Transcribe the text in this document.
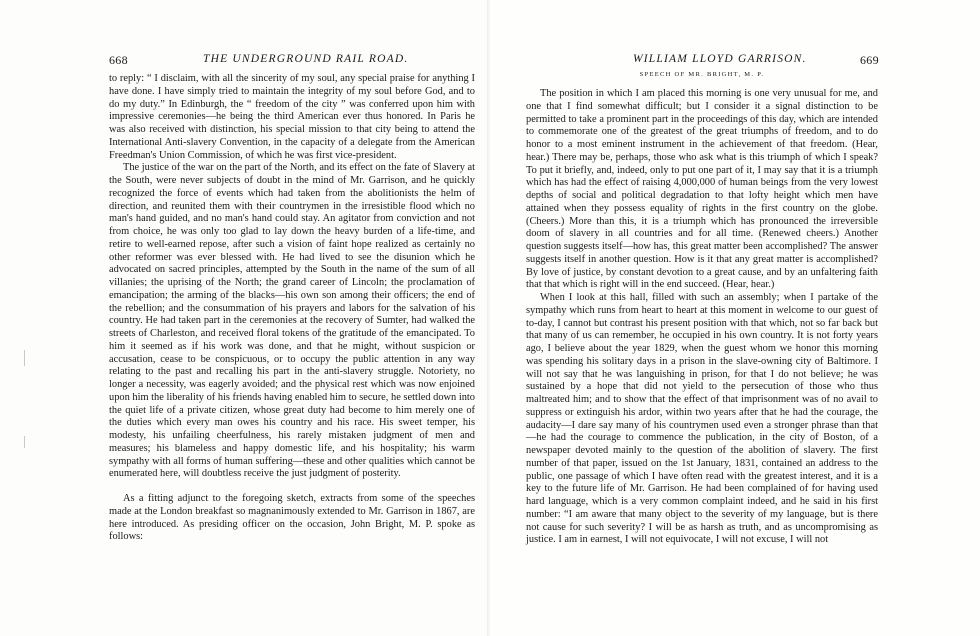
668	THE UNDERGROUND RAIL ROAD.

to reply: “ I disclaim, with all the sincerity of my soul, any special praise for anything I have done. I have simply tried to maintain the integrity of my soul before God, and to do my duty.” In Edinburgh, the “ freedom of the city ” was conferred upon him with impressive ceremonies—he being the third American ever thus honored. In Paris he was also received with distinction, his special mission to that city being to attend the International Anti-slavery Convention, in the capacity of a delegate from the American Freedman's Union Commission, of which he was first vice-president.

The justice of the war on the part of the North, and its effect on the fate of Slavery at the South, were never subjects of doubt in the mind of Mr. Garrison, and he quickly recognized the force of events which had taken from the abolitionists the helm of direction, and reunited them with their countrymen in the irresistible flood which no man's hand guided, and no man's hand could stay. An agitator from conviction and not from choice, he was only too glad to lay down the heavy burden of a life-time, and retire to well-earned repose, after such a vision of faint hope realized as certainly no other reformer was ever blessed with. He had lived to see the disunion which he advocated on sacred principles, attempted by the South in the name of the sum of all villanies; the uprising of the North; the grand career of Lincoln; the proclamation of emancipation; the arming of the blacks—his own son among their officers; the end of the rebellion; and the consummation of his prayers and labors for the salvation of his country. He had taken part in the ceremonies at the recovery of Sumter, had walked the streets of Charleston, and received floral tokens of the gratitude of the emancipated. To him it seemed as if his work was done, and that he might, without suspicion or accusation, cease to be conspicuous, or to occupy the public attention in any way relating to the past and recalling his part in the anti-slavery struggle. Notoriety, no longer a necessity, was eagerly avoided; and the physical rest which was now enjoined upon him the liberality of his friends having enabled him to secure, he settled down into the quiet life of a private citizen, whose great duty had become to him merely one of the duties which every man owes his country and his race. His sweet temper, his modesty, his unfailing cheerfulness, his rarely mistaken judgment of men and measures; his blameless and happy domestic life, and his hospitality; his warm sympathy with all forms of human suffering—these and other qualities which cannot be enumerated here, will doubtless receive the just judgment of posterity.

As a fitting adjunct to the foregoing sketch, extracts from some of the speeches made at the London breakfast so magnanimously extended to Mr. Garrison in 1867, are here introduced. As presiding officer on the occasion, John Bright, M. P. spoke as follows:

WILLIAM LLOYD GARRISON.	669
SPEECH OF MR. BRIGHT, M. P.

The position in which I am placed this morning is one very unusual for me, and one that I find somewhat difficult; but I consider it a signal distinction to be permitted to take a prominent part in the proceedings of this day, which are intended to commemorate one of the greatest of the great triumphs of freedom, and to do honor to a most eminent instrument in the achievement of that freedom. (Hear, hear.) There may be, perhaps, those who ask what is this triumph of which I speak? To put it briefly, and, indeed, only to put one part of it, I may say that it is a triumph which has had the effect of raising 4,000,000 of human beings from the very lowest depths of social and political degradation to that lofty height which men have attained when they possess equality of rights in the first country on the globe. (Cheers.) More than this, it is a triumph which has pronounced the irreversible doom of slavery in all countries and for all time. (Renewed cheers.) Another question suggests itself—how has, this great matter been accomplished? The answer suggests itself in another question. How is it that any great matter is accomplished? By love of justice, by constant devotion to a great cause, and by an unfaltering faith that that which is right will in the end succeed. (Hear, hear.)

When I look at this hall, filled with such an assembly; when I partake of the sympathy which runs from heart to heart at this moment in welcome to our guest of to-day, I cannot but contrast his present position with that which, not so far back but that many of us can remember, he occupied in his own country. It is not forty years ago, I believe about the year 1829, when the guest whom we honor this morning was spending his solitary days in a prison in the slave-owning city of Baltimore. I will not say that he was languishing in prison, for that I do not believe; he was sustained by a hope that did not yield to the persecution of those who thus maltreated him; and to show that the effect of that imprisonment was of no avail to suppress or extinguish his ardor, within two years after that he had the courage, the audacity—I dare say many of his countrymen used even a stronger phrase than that—he had the courage to commence the publication, in the city of Boston, of a newspaper devoted mainly to the question of the abolition of slavery. The first number of that paper, issued on the 1st January, 1831, contained an address to the public, one passage of which I have often read with the greatest interest, and it is a key to the future life of Mr. Garrison. He had been complained of for having used hard language, which is a very common complaint indeed, and he said in his first number: “I am aware that many object to the severity of my language, but is there not cause for such severity? I will be as harsh as truth, and as uncompromising as justice. I am in earnest, I will not equivocate, I will not excuse, I will not
